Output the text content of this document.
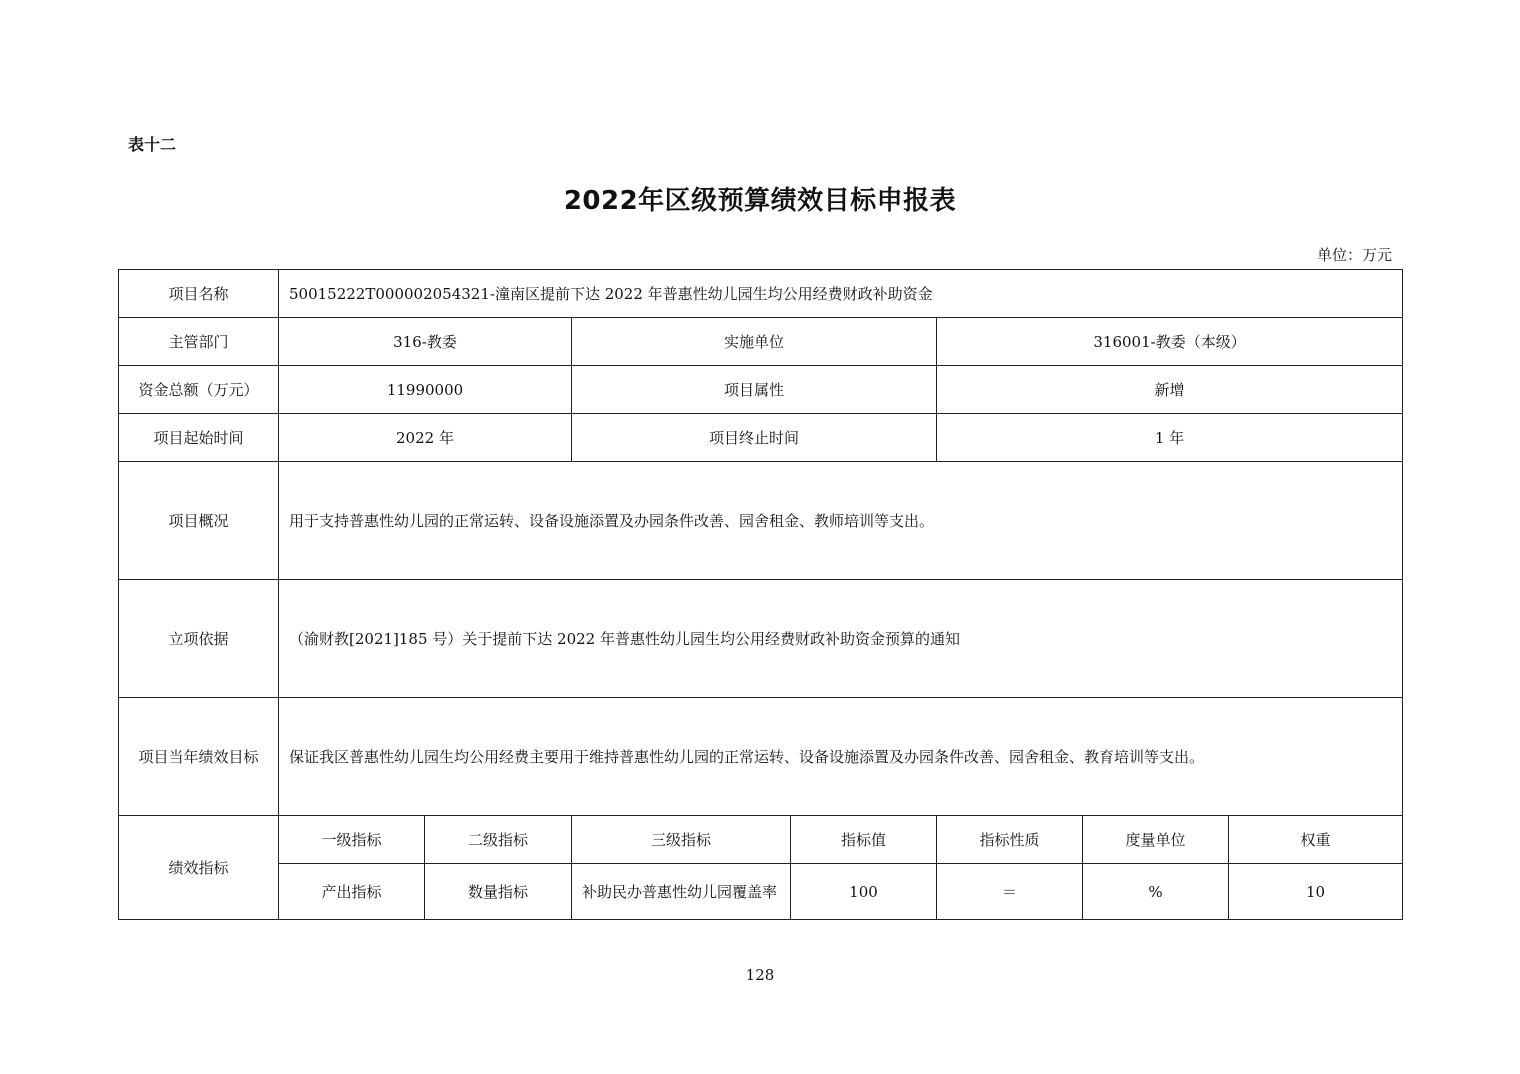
表十二
2022年区级预算绩效目标申报表
单位：万元
项目名称	50015222T000002054321-潼南区提前下达 2022 年普惠性幼儿园生均公用经费财政补助资金						
主管部门	316-教委		实施单位		316001-教委（本级）		
资金总额（万元）	11990000		项目属性		新增		
项目起始时间	2022 年		项目终止时间		1 年		
项目概况	用于支持普惠性幼儿园的正常运转、设备设施添置及办园条件改善、园舍租金、教师培训等支出。						
立项依据	（渝财教[2021]185 号）关于提前下达 2022 年普惠性幼儿园生均公用经费财政补助资金预算的通知						
项目当年绩效目标	保证我区普惠性幼儿园生均公用经费主要用于维持普惠性幼儿园的正常运转、设备设施添置及办园条件改善、园舍租金、教育培训等支出。						
绩效指标	一级指标	二级指标	三级指标	指标值	指标性质	度量单位	权重
	产出指标	数量指标	补助民办普惠性幼儿园覆盖率	100	＝	%	10
128
